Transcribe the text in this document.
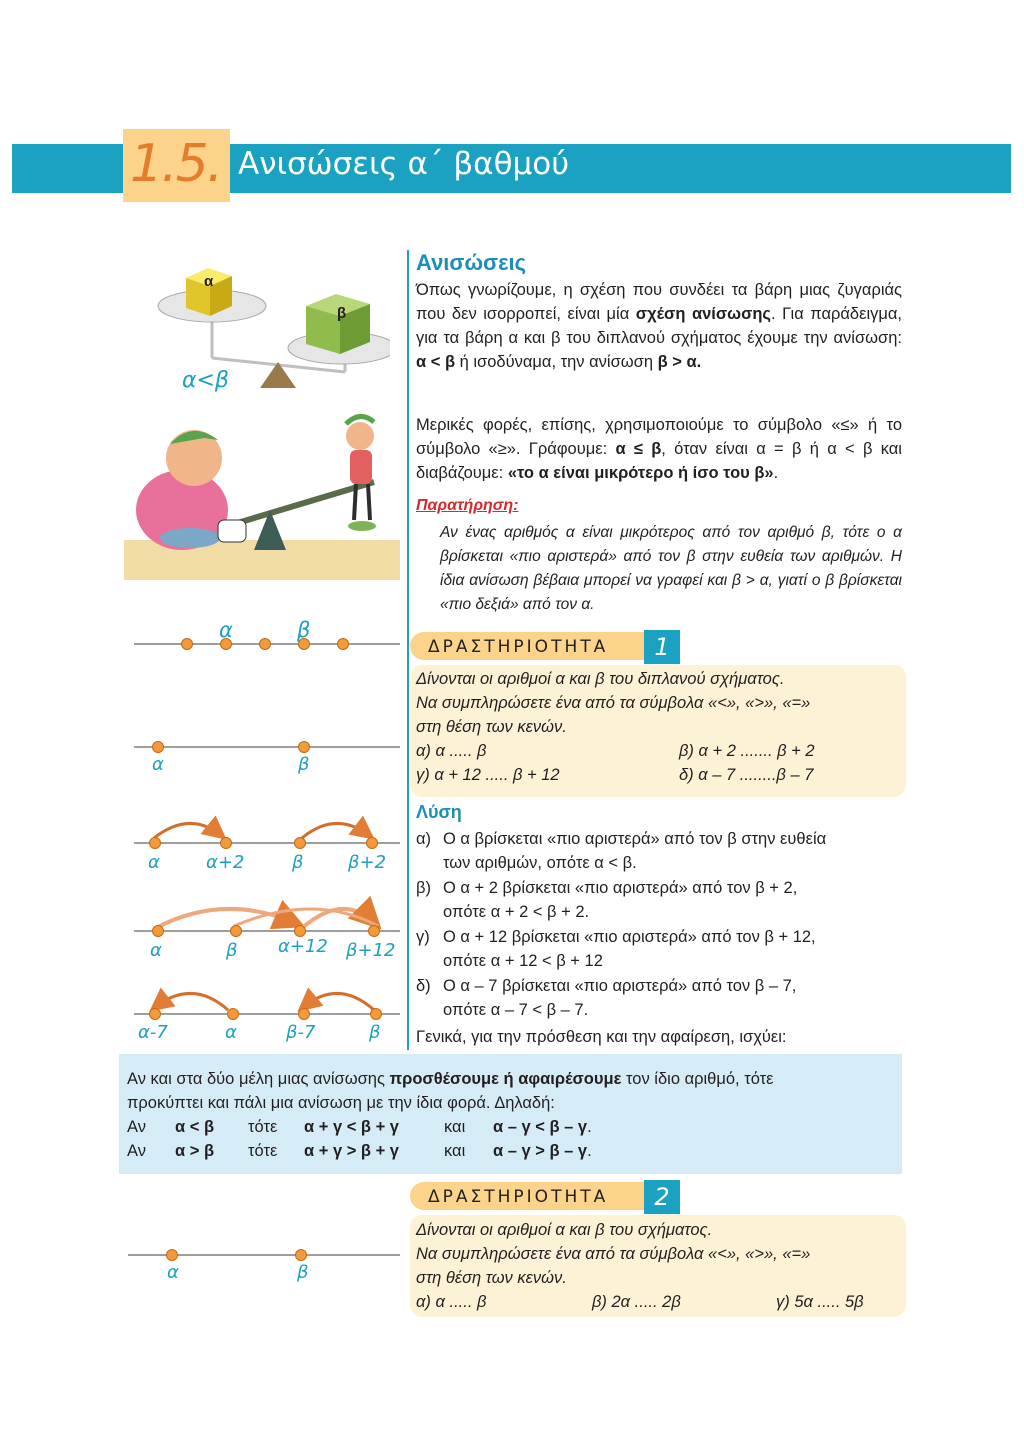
1.5. Ανισώσεις α΄ βαθμού
α
β
α<β
α	β
α	β
α	α+2	β β+2
α	β α+12 β+12
α-7	α	β-7	β
α	β
Ανισώσεις
Όπως γνωρίζουμε, η σχέση που συνδέει τα βάρη μιας ζυγαριάς που δεν ισορροπεί, είναι μία σχέση ανίσωσης. Για παράδειγμα, για τα βάρη α και β του διπλανού σχήματος έχουμε την ανίσωση: α < β ή ισοδύναμα, την ανίσωση β > α.
Μερικές φορές, επίσης, χρησιμοποιούμε το σύμβολο «≤» ή το σύμβολο «≥». Γράφουμε: α ≤ β, όταν είναι α = β ή α < β και διαβάζουμε: «το α είναι μικρότερο ή ίσο του β».
Παρατήρηση:
Αν ένας αριθμός α είναι μικρότερος από τον αριθμό β, τότε ο α βρίσκεται «πιο αριστερά» από τον β στην ευθεία των αριθμών. Η ίδια ανίσωση βέβαια μπορεί να γραφεί και β > α, γιατί ο β βρίσκεται «πιο δεξιά» από τον α.
ΔΡΑΣΤΗΡΙΟΤΗΤΑ	1
Δίνονται οι αριθμοί α και β του διπλανού σχήματος.
Να συμπληρώσετε ένα από τα σύμβολα «<», «>», «=»
στη θέση των κενών.
α) α ..... β	β) α + 2 ....... β + 2
γ) α + 12 ..... β + 12	δ) α – 7 ........β – 7
Λύση
α) Ο α βρίσκεται «πιο αριστερά» από τον β στην ευθεία
των αριθμών, οπότε α < β.
β) Ο α + 2 βρίσκεται «πιο αριστερά» από τον β + 2,
οπότε α + 2 < β + 2.
γ) Ο α + 12 βρίσκεται «πιο αριστερά» από τον β + 12,
οπότε α + 12 < β + 12
δ) Ο α – 7 βρίσκεται «πιο αριστερά» από τον β – 7,
οπότε α – 7 < β – 7.
Γενικά, για την πρόσθεση και την αφαίρεση, ισχύει:
Αν και στα δύο μέλη μιας ανίσωσης προσθέσουμε ή αφαιρέσουμε τον ίδιο αριθμό, τότε
προκύπτει και πάλι μια ανίσωση με την ίδια φορά. Δηλαδή:
Αν α < β τότε α + γ < β + γ	και α – γ < β – γ.
Αν α > β τότε α + γ > β + γ	και α – γ > β – γ.
ΔΡΑΣΤΗΡΙΟΤΗΤΑ	2
Δίνονται οι αριθμοί α και β του σχήματος.
Να συμπληρώσετε ένα από τα σύμβολα «<», «>», «=»
στη θέση των κενών.
α) α ..... β	β) 2α ..... 2β	γ) 5α ..... 5β
